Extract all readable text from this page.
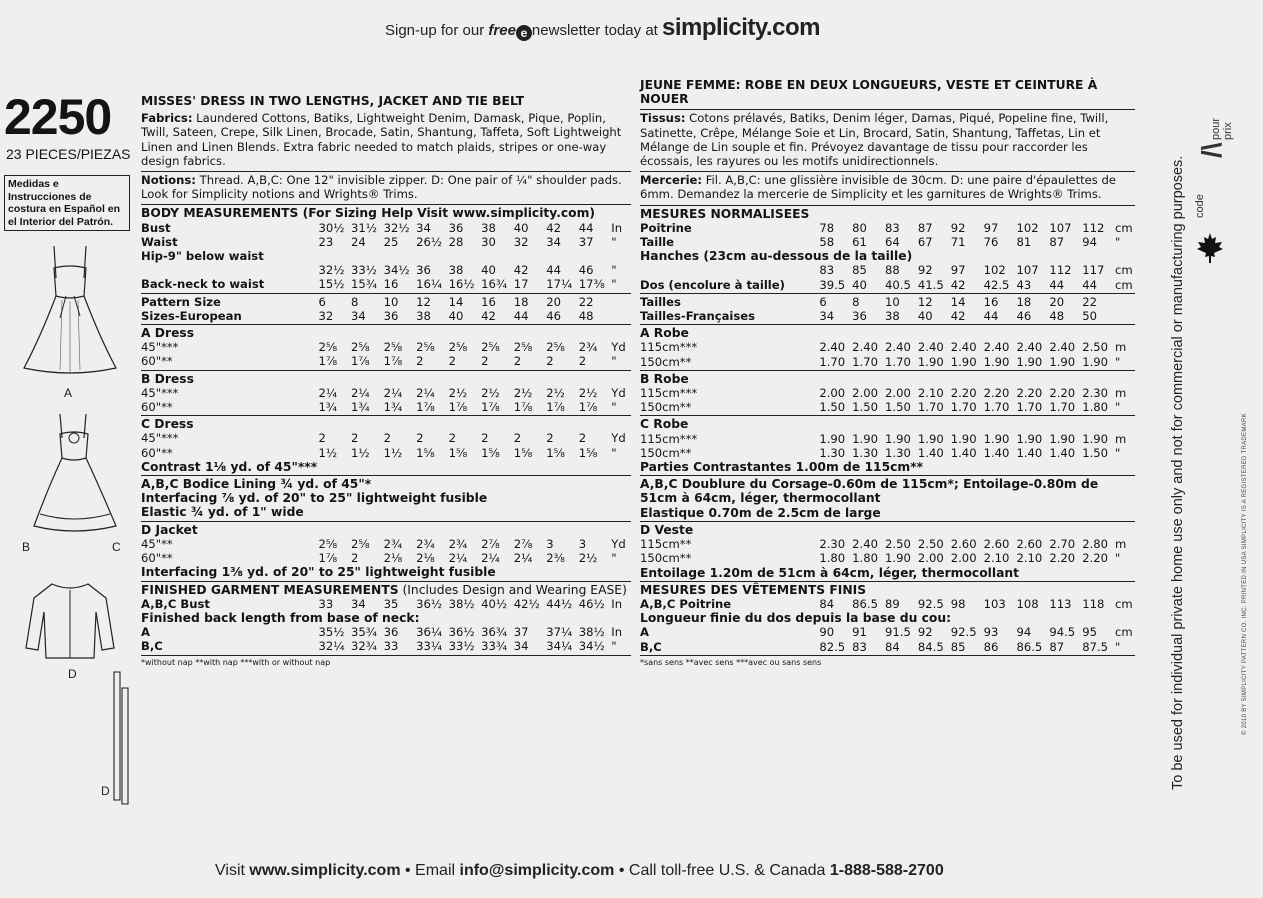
Sign-up for our free e newsletter today at simplicity.com
2250
23 PIECES/PIEZAS
Medidas e Instrucciones de costura en Español en el Interior del Patrón.
A
B	C
D
D
MISSES' DRESS IN TWO LENGTHS, JACKET AND TIE BELT
Fabrics: Laundered Cottons, Batiks, Lightweight Denim, Damask, Pique, Poplin, Twill, Sateen, Crepe, Silk Linen, Brocade, Satin, Shantung, Taffeta, Soft Lightweight Linen and Linen Blends. Extra fabric needed to match plaids, stripes or one-way design fabrics.
Notions: Thread. A,B,C: One 12" invisible zipper. D: One pair of ¼" shoulder pads. Look for Simplicity notions and Wrights® Trims.
BODY MEASUREMENTS (For Sizing Help Visit www.simplicity.com)
Bust	30½	31½	32½	34	36	38	40	42	44	In
Waist	23	24	25	26½	28	30	32	34	37	"
Hip-9" below waist										
	32½	33½	34½	36	38	40	42	44	46	"
Back-neck to waist	15½	15¾	16	16¼	16½	16¾	17	17¼	17⅜	"
Pattern Size	6	8	10	12	14	16	18	20	22	
Sizes-European	32	34	36	38	40	42	44	46	48	
A Dress
45"***	2⅝	2⅝	2⅝	2⅝	2⅝	2⅝	2⅝	2⅝	2¾	Yd
60"**	1⅞	1⅞	1⅞	2	2	2	2	2	2	"
B Dress
45"***	2¼	2¼	2¼	2¼	2½	2½	2½	2½	2½	Yd
60"**	1¾	1¾	1¾	1⅞	1⅞	1⅞	1⅞	1⅞	1⅞	"
C Dress
45"***	2	2	2	2	2	2	2	2	2	Yd
60"**	1½	1½	1½	1⅝	1⅝	1⅝	1⅝	1⅝	1⅝	"
Contrast 1⅛ yd. of 45"***
A,B,C Bodice Lining ¾ yd. of 45"*
Interfacing ⅞ yd. of 20" to 25" lightweight fusible
Elastic ¾ yd. of 1" wide
D Jacket
45"**	2⅝	2⅝	2¾	2¾	2¾	2⅞	2⅞	3	3	Yd
60"**	1⅞	2	2⅛	2⅛	2¼	2¼	2¼	2⅜	2½	"
Interfacing 1⅜ yd. of 20" to 25" lightweight fusible
FINISHED GARMENT MEASUREMENTS (Includes Design and Wearing EASE)
A,B,C Bust	33	34	35	36½	38½	40½	42½	44½	46½	In
Finished back length from base of neck:
A	35½	35¾	36	36¼	36½	36¾	37	37¼	38½	In
B,C	32¼	32¾	33	33¼	33½	33¾	34	34¼	34½	"
*without nap **with nap ***with or without nap
JEUNE FEMME: ROBE EN DEUX LONGUEURS, VESTE ET CEINTURE À NOUER
Tissus: Cotons prélavés, Batiks, Denim léger, Damas, Piqué, Popeline fine, Twill, Satinette, Crêpe, Mélange Soie et Lin, Brocard, Satin, Shantung, Taffetas, Lin et Mélange de Lin souple et fin. Prévoyez davantage de tissu pour raccorder les écossais, les rayures ou les motifs unidirectionnels.
Mercerie: Fil. A,B,C: une glissière invisible de 30cm. D: une paire d'épaulettes de 6mm. Demandez la mercerie de Simplicity et les garnitures de Wrights® Trims.
MESURES NORMALISEES
Poitrine	78	80	83	87	92	97	102	107	112	cm
Taille	58	61	64	67	71	76	81	87	94	"
Hanches (23cm au-dessous de la taille)
	83	85	88	92	97	102	107	112	117	cm
Dos (encolure à taille)	39.5	40	40.5	41.5	42	42.5	43	44	44	cm
Tailles	6	8	10	12	14	16	18	20	22	
Tailles-Françaises	34	36	38	40	42	44	46	48	50	
A Robe
115cm***	2.40	2.40	2.40	2.40	2.40	2.40	2.40	2.40	2.50	m
150cm**	1.70	1.70	1.70	1.90	1.90	1.90	1.90	1.90	1.90	"
B Robe
115cm***	2.00	2.00	2.00	2.10	2.20	2.20	2.20	2.20	2.30	m
150cm**	1.50	1.50	1.50	1.70	1.70	1.70	1.70	1.70	1.80	"
C Robe
115cm***	1.90	1.90	1.90	1.90	1.90	1.90	1.90	1.90	1.90	m
150cm**	1.30	1.30	1.30	1.40	1.40	1.40	1.40	1.40	1.50	"
Parties Contrastantes 1.00m de 115cm**
A,B,C Doublure du Corsage-0.60m de 115cm*; Entoilage-0.80m de 51cm à 64cm, léger, thermocollant
Elastique 0.70m de 2.5cm de large
D Veste
115cm**	2.30	2.40	2.50	2.50	2.60	2.60	2.60	2.70	2.80	m
150cm**	1.80	1.80	1.90	2.00	2.00	2.10	2.10	2.20	2.20	"
Entoilage 1.20m de 51cm à 64cm, léger, thermocollant
MESURES DES VÊTEMENTS FINIS
A,B,C Poitrine	84	86.5	89	92.5	98	103	108	113	118	cm
Longueur finie du dos depuis la base du cou:
A	90	91	91.5	92	92.5	93	94	94.5	95	cm
B,C	82.5	83	84	84.5	85	86	86.5	87	87.5	"
*sans sens **avec sens ***avec ou sans sens
code
/\
pour prix
To be used for individual private home use only and not for commercial or manufacturing purposes.	© 2010 BY SIMPLICITY PATTERN CO. INC. PRINTED IN USA SIMPLICITY IS A REGISTERED TRADEMARK
Visit www.simplicity.com • Email info@simplicity.com • Call toll-free U.S. & Canada 1-888-588-2700
